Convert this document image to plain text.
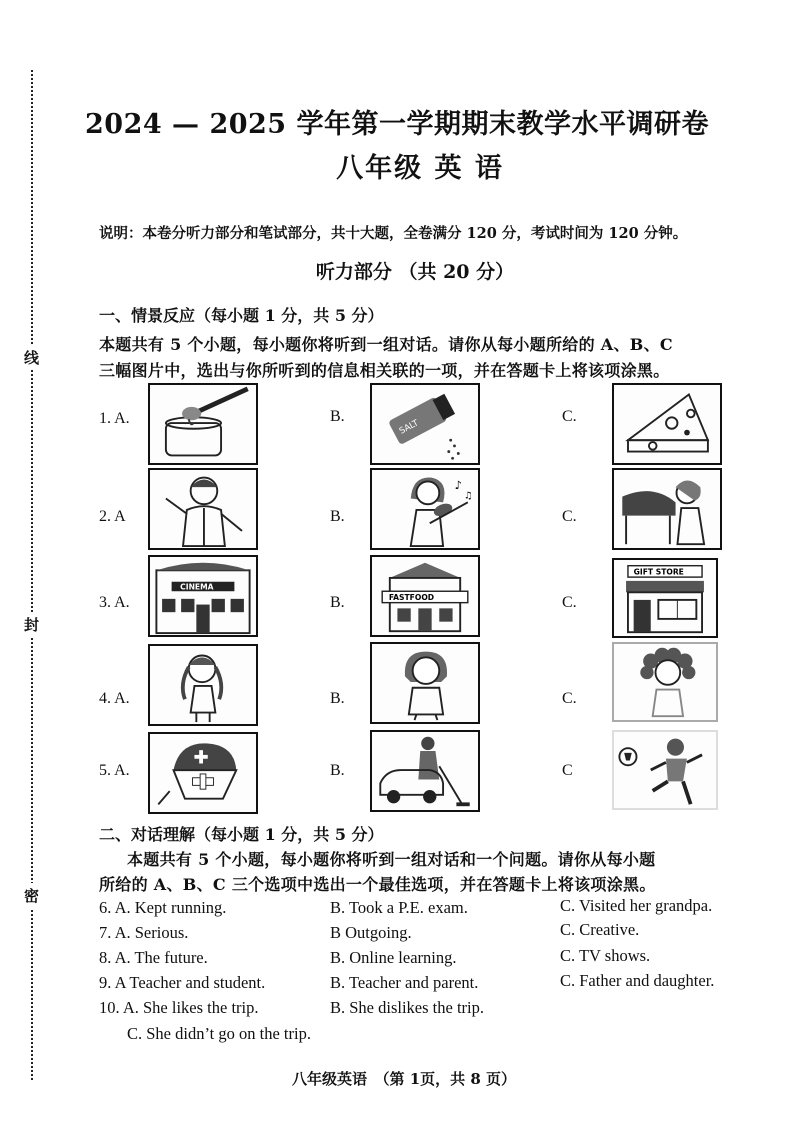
线
封
密
2024 — 2025 学年第一学期期末教学水平调研卷
八年级 英 语
说明：本卷分听力部分和笔试部分，共十大题，全卷满分 120 分，考试时间为 120 分钟。
听力部分 （共 20 分）
一、情景反应（每小题 1 分，共 5 分）
本题共有 5 个小题，每小题你将听到一组对话。请你从每小题所给的 A、B、C
三幅图片中，选出与你所听到的信息相关联的一项，并在答题卡上将该项涂黑。
1. A.	B.
SALT
C.
2. A	B.
♪
♫
C.
3. A.
CINEMA
B.	FASTFOOD	C.
GIFT STORE
4. A.	B.	C.
5. A.	B.	C
二、对话理解（每小题 1 分，共 5 分）
本题共有 5 个小题，每小题你将听到一组对话和一个问题。请你从每小题
所给的 A、B、C 三个选项中选出一个最佳选项，并在答题卡上将该项涂黑。
6. A. Kept running.	B. Took a P.E. exam.	C. Visited her grandpa.
7. A. Serious.	B Outgoing.	C. Creative.
8. A. The future.	B. Online learning.	C. TV shows.
9. A Teacher and student.	B. Teacher and parent.	C. Father and daughter.
10. A. She likes the trip.	B. She dislikes the trip.
C. She didn’t go on the trip.
八年级英语　（第 1页，共 8 页）
